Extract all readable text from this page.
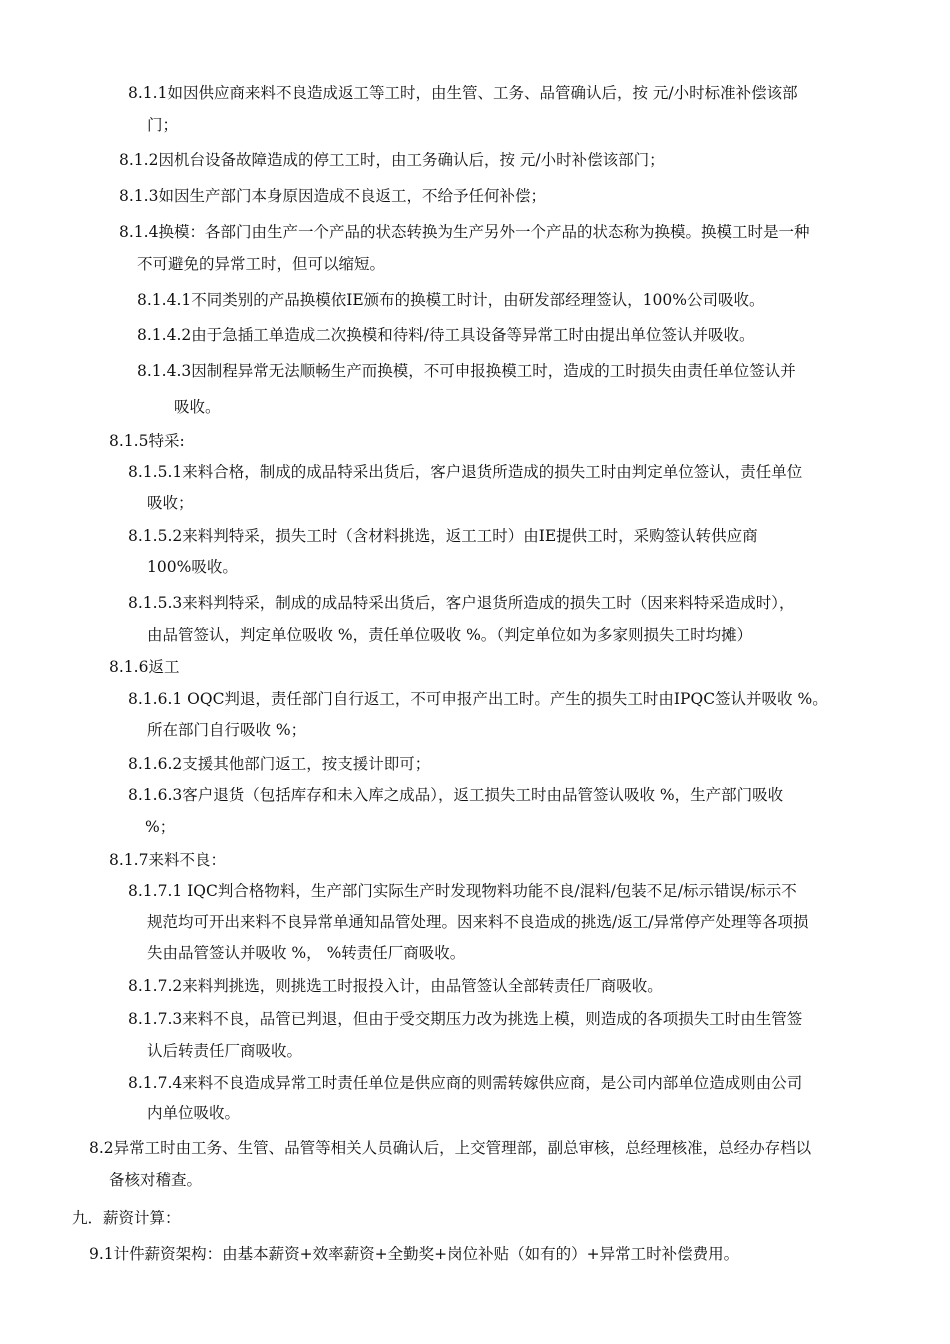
8.1.1如因供应商来料不良造成返工等工时，由生管、工务、品管确认后，按 元/小时标准补偿该部
门；
8.1.2因机台设备故障造成的停工工时，由工务确认后，按 元/小时补偿该部门；
8.1.3如因生产部门本身原因造成不良返工，不给予任何补偿；
8.1.4换模：各部门由生产一个产品的状态转换为生产另外一个产品的状态称为换模。换模工时是一种
不可避免的异常工时，但可以缩短。
8.1.4.1不同类别的产品换模依IE颁布的换模工时计，由研发部经理签认，100%公司吸收。
8.1.4.2由于急插工单造成二次换模和待料/待工具设备等异常工时由提出单位签认并吸收。
8.1.4.3因制程异常无法顺畅生产而换模，不可申报换模工时，造成的工时损失由责任单位签认并
吸收。
8.1.5特采:
8.1.5.1来料合格，制成的成品特采出货后，客户退货所造成的损失工时由判定单位签认，责任单位
吸收；
8.1.5.2来料判特采，损失工时（含材料挑选，返工工时）由IE提供工时，采购签认转供应商
100%吸收。
8.1.5.3来料判特采，制成的成品特采出货后，客户退货所造成的损失工时（因来料特采造成时），
由品管签认，判定单位吸收 %，责任单位吸收 %。（判定单位如为多家则损失工时均摊）
8.1.6返工
8.1.6.1 OQC判退，责任部门自行返工，不可申报产出工时。产生的损失工时由IPQC签认并吸收 %。
所在部门自行吸收 %；
8.1.6.2支援其他部门返工，按支援计即可；
8.1.6.3客户退货（包括库存和未入库之成品），返工损失工时由品管签认吸收 %，生产部门吸收
%；
8.1.7来料不良：
8.1.7.1 IQC判合格物料，生产部门实际生产时发现物料功能不良/混料/包装不足/标示错误/标示不
规范均可开出来料不良异常单通知品管处理。因来料不良造成的挑选/返工/异常停产处理等各项损
失由品管签认并吸收 %， %转责任厂商吸收。
8.1.7.2来料判挑选，则挑选工时报投入计，由品管签认全部转责任厂商吸收。
8.1.7.3来料不良，品管已判退，但由于受交期压力改为挑选上模，则造成的各项损失工时由生管签
认后转责任厂商吸收。
8.1.7.4来料不良造成异常工时责任单位是供应商的则需转嫁供应商，是公司内部单位造成则由公司
内单位吸收。
8.2异常工时由工务、生管、品管等相关人员确认后，上交管理部，副总审核，总经理核准，总经办存档以
备核对稽查。
九．薪资计算：
9.1计件薪资架构：由基本薪资+效率薪资+全勤奖+岗位补贴（如有的）+异常工时补偿费用。
